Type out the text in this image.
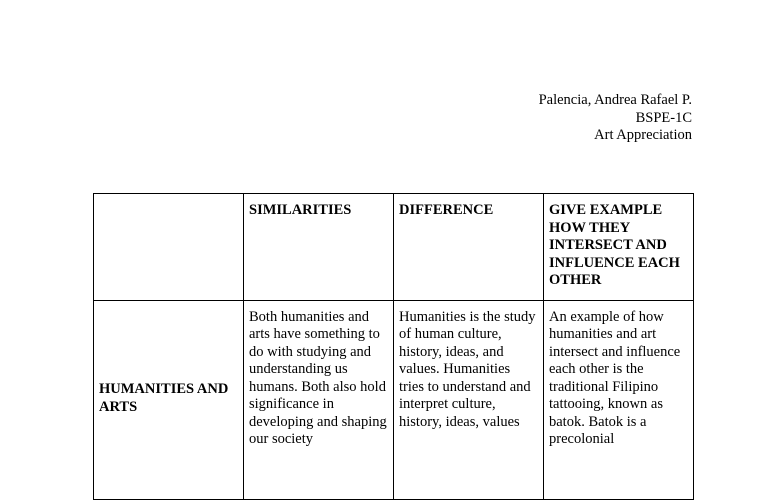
Palencia, Andrea Rafael P.
BSPE-1C
Art Appreciation
	SIMILARITIES	DIFFERENCE	GIVE EXAMPLE HOW THEY INTERSECT AND INFLUENCE EACH OTHER
HUMANITIES AND ARTS	Both humanities and arts have something to do with studying and understanding us humans. Both also hold significance in developing and shaping our society	Humanities is the study of human culture, history, ideas, and values. Humanities tries to understand and interpret culture, history, ideas, values	An example of how humanities and art intersect and influence each other is the traditional Filipino tattooing, known as batok. Batok is a precolonial
